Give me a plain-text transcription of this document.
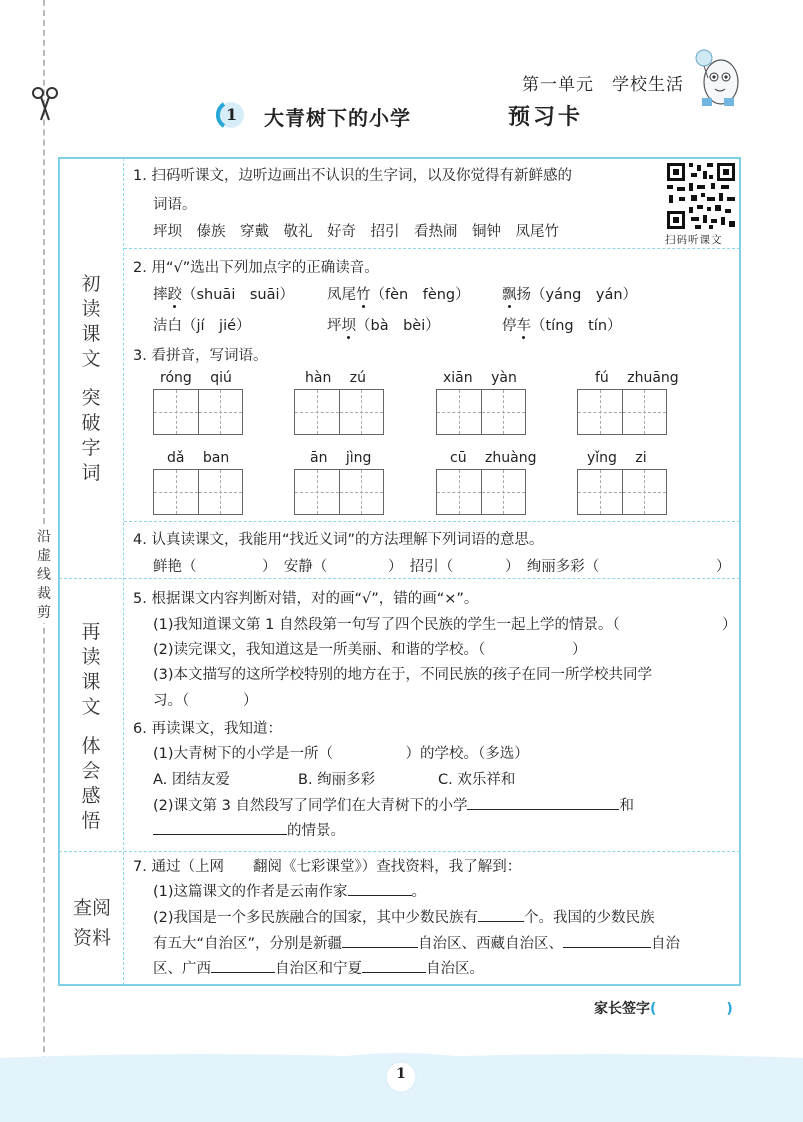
沿
虚
线
裁
剪
第一单元　学校生活
1 大青树下的小学	预习卡
初
读
课
文
突
破
字
词
再
读
课
文
体
会
感
悟
查阅
资料
扫码听课文
1. 扫码听课文，边听边画出不认识的生字词，以及你觉得有新鲜感的
词语。
坪坝　傣族　穿戴　敬礼　好奇　招引　看热闹　铜钟　凤尾竹
2. 用“√”选出下列加点字的正确读音。
摔跤（shuāi　suāi） 凤尾竹（fèn　fèng） 飘扬（yáng　yán）
洁白（jí　jié）	坪坝（bà　bèi）	停车（tíng　tín）
3. 看拼音，写词语。
róng qiú	hàn zú	xiān yàn	fú zhuāng
dǎ ban	ān jìng	cū zhuàng	yǐng zi
4. 认真读课文，我能用“找近义词”的方法理解下列词语的意思。
鲜艳（	）　安静（	）　招引（	）　绚丽多彩（	）
5. 根据课文内容判断对错，对的画“√”，错的画“×”。
(1)我知道课文第 1 自然段第一句写了四个民族的学生一起上学的情景。（	）
(2)读完课文，我知道这是一所美丽、和谐的学校。（	）
(3)本文描写的这所学校特别的地方在于，不同民族的孩子在同一所学校共同学
习。（	）
6. 再读课文，我知道：
(1)大青树下的小学是一所（　　　　　）的学校。（多选）
A. 团结友爱	B. 绚丽多彩	C. 欢乐祥和
(2)课文第 3 自然段写了同学们在大青树下的小学	和
的情景。
7. 通过（上网　　翻阅《七彩课堂》）查找资料，我了解到：
(1)这篇课文的作者是云南作家	。
(2)我国是一个多民族融合的国家，其中少数民族有	个。我国的少数民族
有五大“自治区”，分别是新疆	自治区、西藏自治区、	自治
区、广西	自治区和宁夏	自治区。
家长签字(	)
1
